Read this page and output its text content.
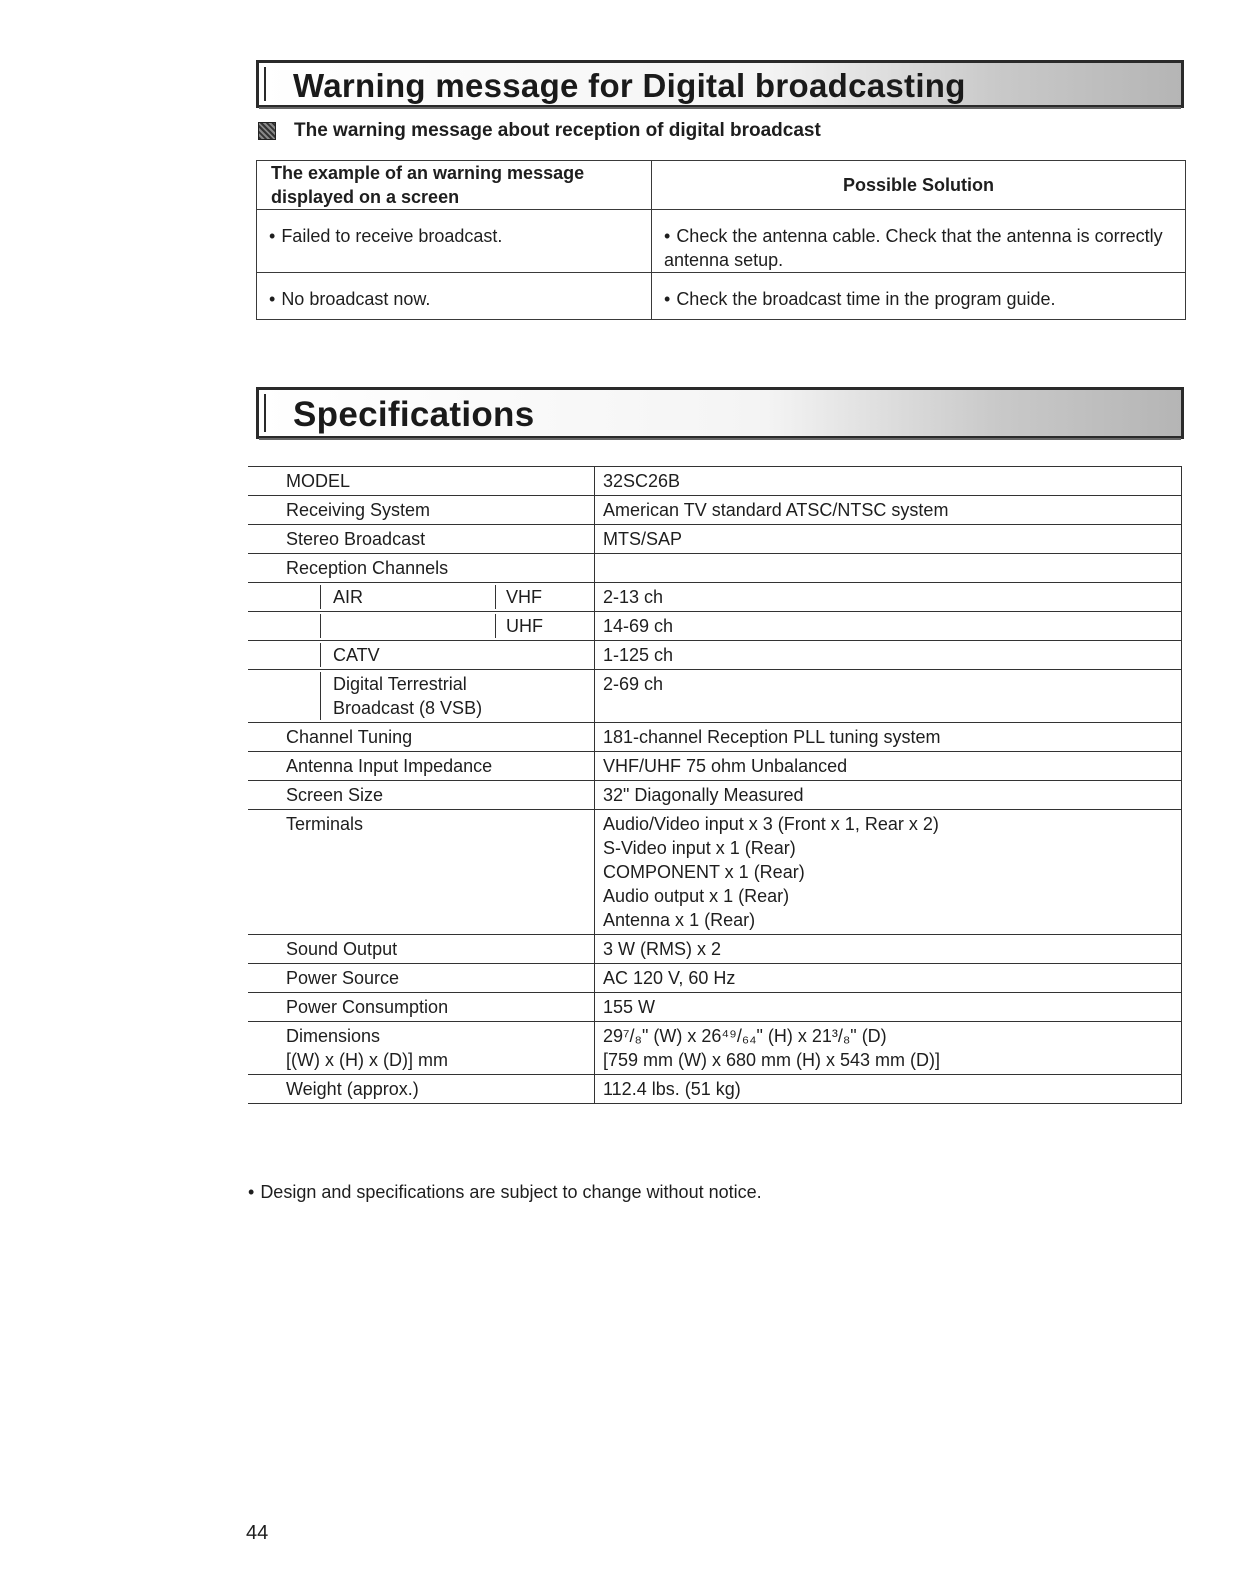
Warning message for Digital broadcasting
The warning message about reception of digital broadcast
The example of an warning message displayed on a screen	Possible Solution
• Failed to receive broadcast.	• Check the antenna cable. Check that the antenna is correctly antenna setup.
• No broadcast now.	• Check the broadcast time in the program guide.
Specifications
MODEL	32SC26B
Receiving System	American TV standard ATSC/NTSC system
Stereo Broadcast	MTS/SAP
Reception Channels	

AIR VHF	2-13 ch

UHF	14-69 ch

CATV	1-125 ch

Digital Terrestrial
Broadcast (8 VSB)	2-69 ch
Channel Tuning	181-channel Reception PLL tuning system
Antenna Input Impedance	VHF/UHF 75 ohm Unbalanced
Screen Size	32" Diagonally Measured
Terminals	Audio/Video input x 3 (Front x 1, Rear x 2)
S-Video input x 1 (Rear)
COMPONENT x 1 (Rear)
Audio output x 1 (Rear)
Antenna x 1 (Rear)

Sound Output	3 W (RMS) x 2
Power Source	AC 120 V, 60 Hz
Power Consumption	155 W

Dimensions
[(W) x (H) x (D)] mm	29⁷/₈" (W) x 26⁴⁹/₆₄" (H) x 21³/₈" (D)
[759 mm (W) x 680 mm (H) x 543 mm (D)]

Weight (approx.)	112.4 lbs. (51 kg)
• Design and specifications are subject to change without notice.
44
